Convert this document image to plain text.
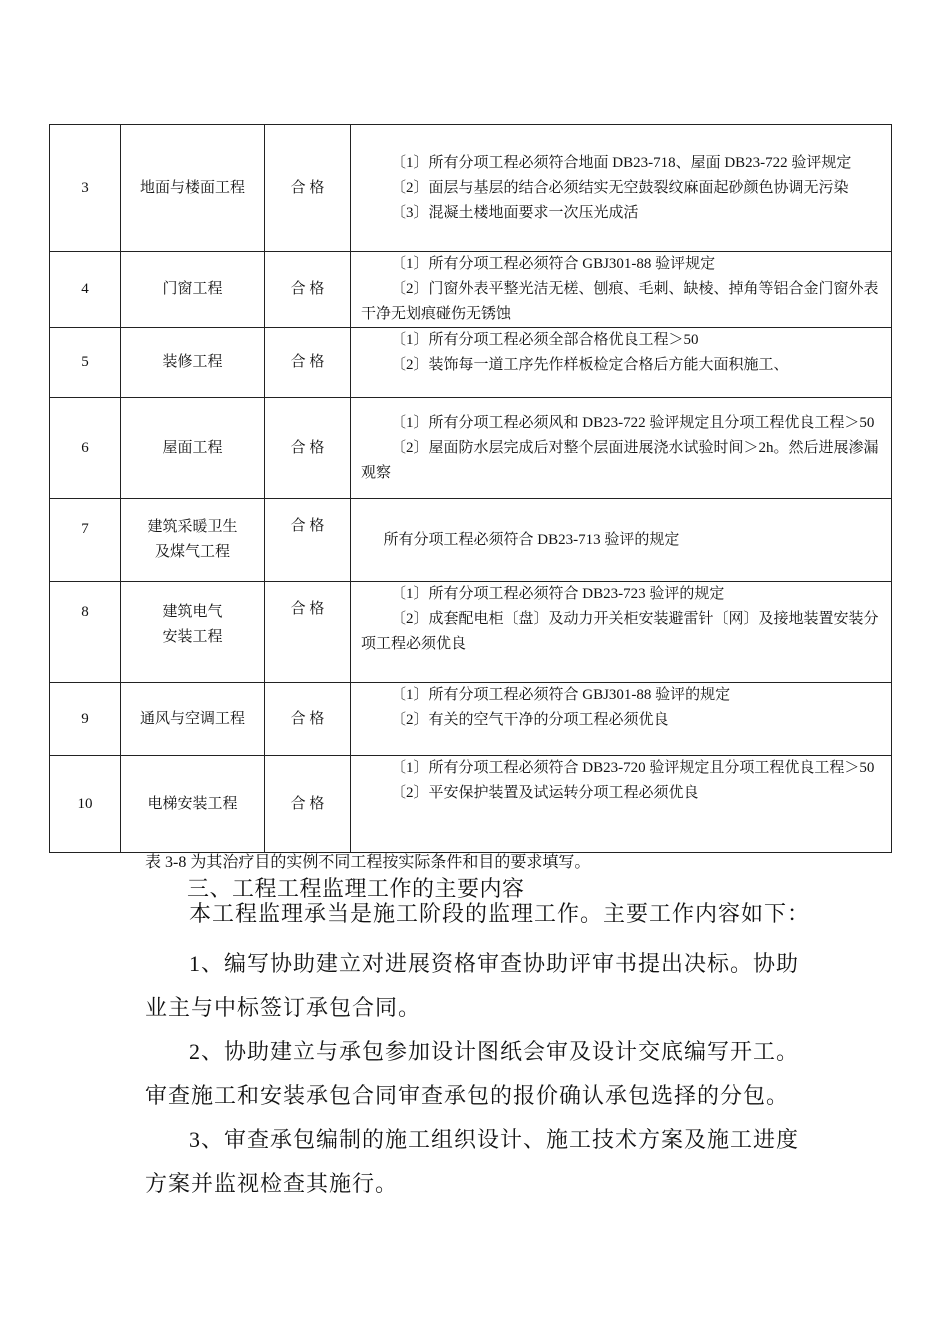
3	地面与楼面工程	合 格	〔1〕所有分项工程必须符合地面 DB23-718、屋面 DB23-722 验评规定
〔2〕面层与基层的结合必须结实无空鼓裂纹麻面起砂颜色协调无污染
〔3〕混凝土楼地面要求一次压光成活

4	门窗工程	合 格	〔1〕所有分项工程必须符合 GBJ301-88 验评规定
〔2〕门窗外表平整光洁无槎、刨痕、毛刺、缺棱、掉角等铝合金门窗外表干净无划痕碰伤无锈蚀

5	装修工程	合 格	〔1〕所有分项工程必须全部合格优良工程＞50
〔2〕装饰每一道工序先作样板检定合格后方能大面积施工、

6	屋面工程	合 格	〔1〕所有分项工程必须风和 DB23-722 验评规定且分项工程优良工程＞50
〔2〕屋面防水层完成后对整个层面进展浇水试验时间＞2h。然后进展渗漏观察

7	建筑采暖卫生
及煤气工程	合 格	所有分项工程必须符合 DB23-713 验评的规定

8	建筑电气
安装工程	合 格	〔1〕所有分项工程必须符合 DB23-723 验评的规定
〔2〕成套配电柜〔盘〕及动力开关柜安装避雷针〔网〕及接地装置安装分项工程必须优良

9	通风与空调工程	合 格	〔1〕所有分项工程必须符合 GBJ301-88 验评的规定
〔2〕有关的空气干净的分项工程必须优良

10	电梯安装工程	合 格	〔1〕所有分项工程必须符合 DB23-720 验评规定且分项工程优良工程＞50
〔2〕平安保护装置及试运转分项工程必须优良
表 3-8 为其治疗目的实例不同工程按实际条件和目的要求填写。
三、工程工程监理工作的主要内容

本工程监理承当是施工阶段的监理工作。主要工作内容如下：

1、编写协助建立对进展资格审查协助评审书提出决标。协助业主与中标签订承包合同。

2、协助建立与承包参加设计图纸会审及设计交底编写开工。审查施工和安装承包合同审查承包的报价确认承包选择的分包。

3、审查承包编制的施工组织设计、施工技术方案及施工进度方案并监视检查其施行。
